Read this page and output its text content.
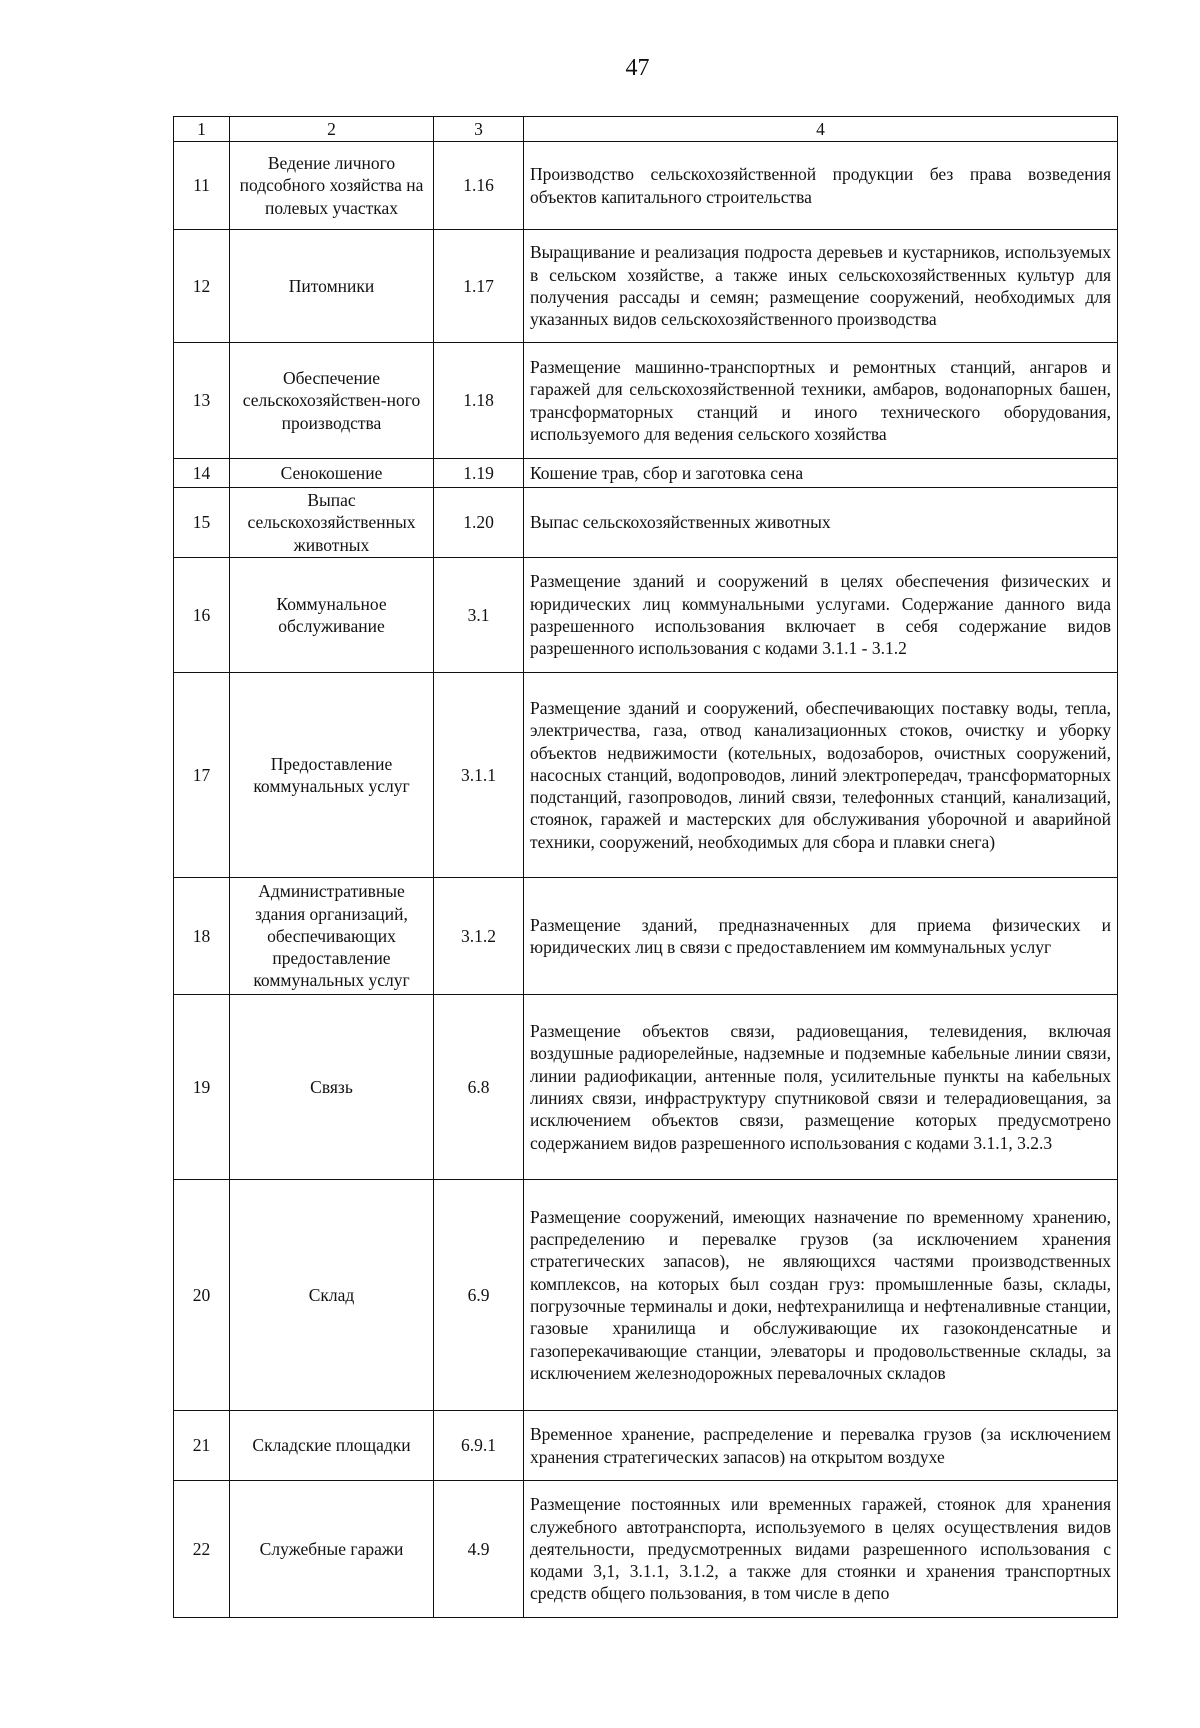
47
1	2	3	4
11	Ведение личного подсобного хозяйства на полевых участках	1.16	Производство сельскохозяйственной продукции без права возведения объектов капитального строительства
12	Питомники	1.17	Выращивание и реализация подроста деревьев и кустарников, используемых в сельском хозяйстве, а также иных сельскохозяйственных культур для получения рассады и семян; размещение сооружений, необходимых для указанных видов сельскохозяйственного производства
13	Обеспечение сельскохозяйствен-ного производства	1.18	Размещение машинно-транспортных и ремонтных станций, ангаров и гаражей для сельскохозяйственной техники, амбаров, водонапорных башен, трансформаторных станций и иного технического оборудования, используемого для ведения сельского хозяйства
14	Сенокошение	1.19	Кошение трав, сбор и заготовка сена
15	Выпас сельскохозяйственных животных	1.20	Выпас сельскохозяйственных животных
16	Коммунальное обслуживание	3.1	Размещение зданий и сооружений в целях обеспечения физических и юридических лиц коммунальными услугами. Содержание данного вида разрешенного использования включает в себя содержание видов разрешенного использования с кодами 3.1.1 - 3.1.2
17	Предоставление коммунальных услуг	3.1.1	Размещение зданий и сооружений, обеспечивающих поставку воды, тепла, электричества, газа, отвод канализационных стоков, очистку и уборку объектов недвижимости (котельных, водозаборов, очистных сооружений, насосных станций, водопроводов, линий электропередач, трансформаторных подстанций, газопроводов, линий связи, телефонных станций, канализаций, стоянок, гаражей и мастерских для обслуживания уборочной и аварийной техники, сооружений, необходимых для сбора и плавки снега)
18	Административные здания организаций, обеспечивающих предоставление коммунальных услуг	3.1.2	Размещение зданий, предназначенных для приема физических и юридических лиц в связи с предоставлением им коммунальных услуг
19	Связь	6.8	Размещение объектов связи, радиовещания, телевидения, включая воздушные радиорелейные, надземные и подземные кабельные линии связи, линии радиофикации, антенные поля, усилительные пункты на кабельных линиях связи, инфраструктуру спутниковой связи и телерадиовещания, за исключением объектов связи, размещение которых предусмотрено содержанием видов разрешенного использования с кодами 3.1.1, 3.2.3
20	Склад	6.9	Размещение сооружений, имеющих назначение по временному хранению, распределению и перевалке грузов (за исключением хранения стратегических запасов), не являющихся частями производственных комплексов, на которых был создан груз: промышленные базы, склады, погрузочные терминалы и доки, нефтехранилища и нефтеналивные станции, газовые хранилища и обслуживающие их газоконденсатные и газоперекачивающие станции, элеваторы и продовольственные склады, за исключением железнодорожных перевалочных складов
21	Складские площадки	6.9.1	Временное хранение, распределение и перевалка грузов (за исключением хранения стратегических запасов) на открытом воздухе
22	Служебные гаражи	4.9	Размещение постоянных или временных гаражей, стоянок для хранения служебного автотранспорта, используемого в целях осуществления видов деятельности, предусмотренных видами разрешенного использования с кодами 3,1, 3.1.1, 3.1.2, а также для стоянки и хранения транспортных средств общего пользования, в том числе в депо
